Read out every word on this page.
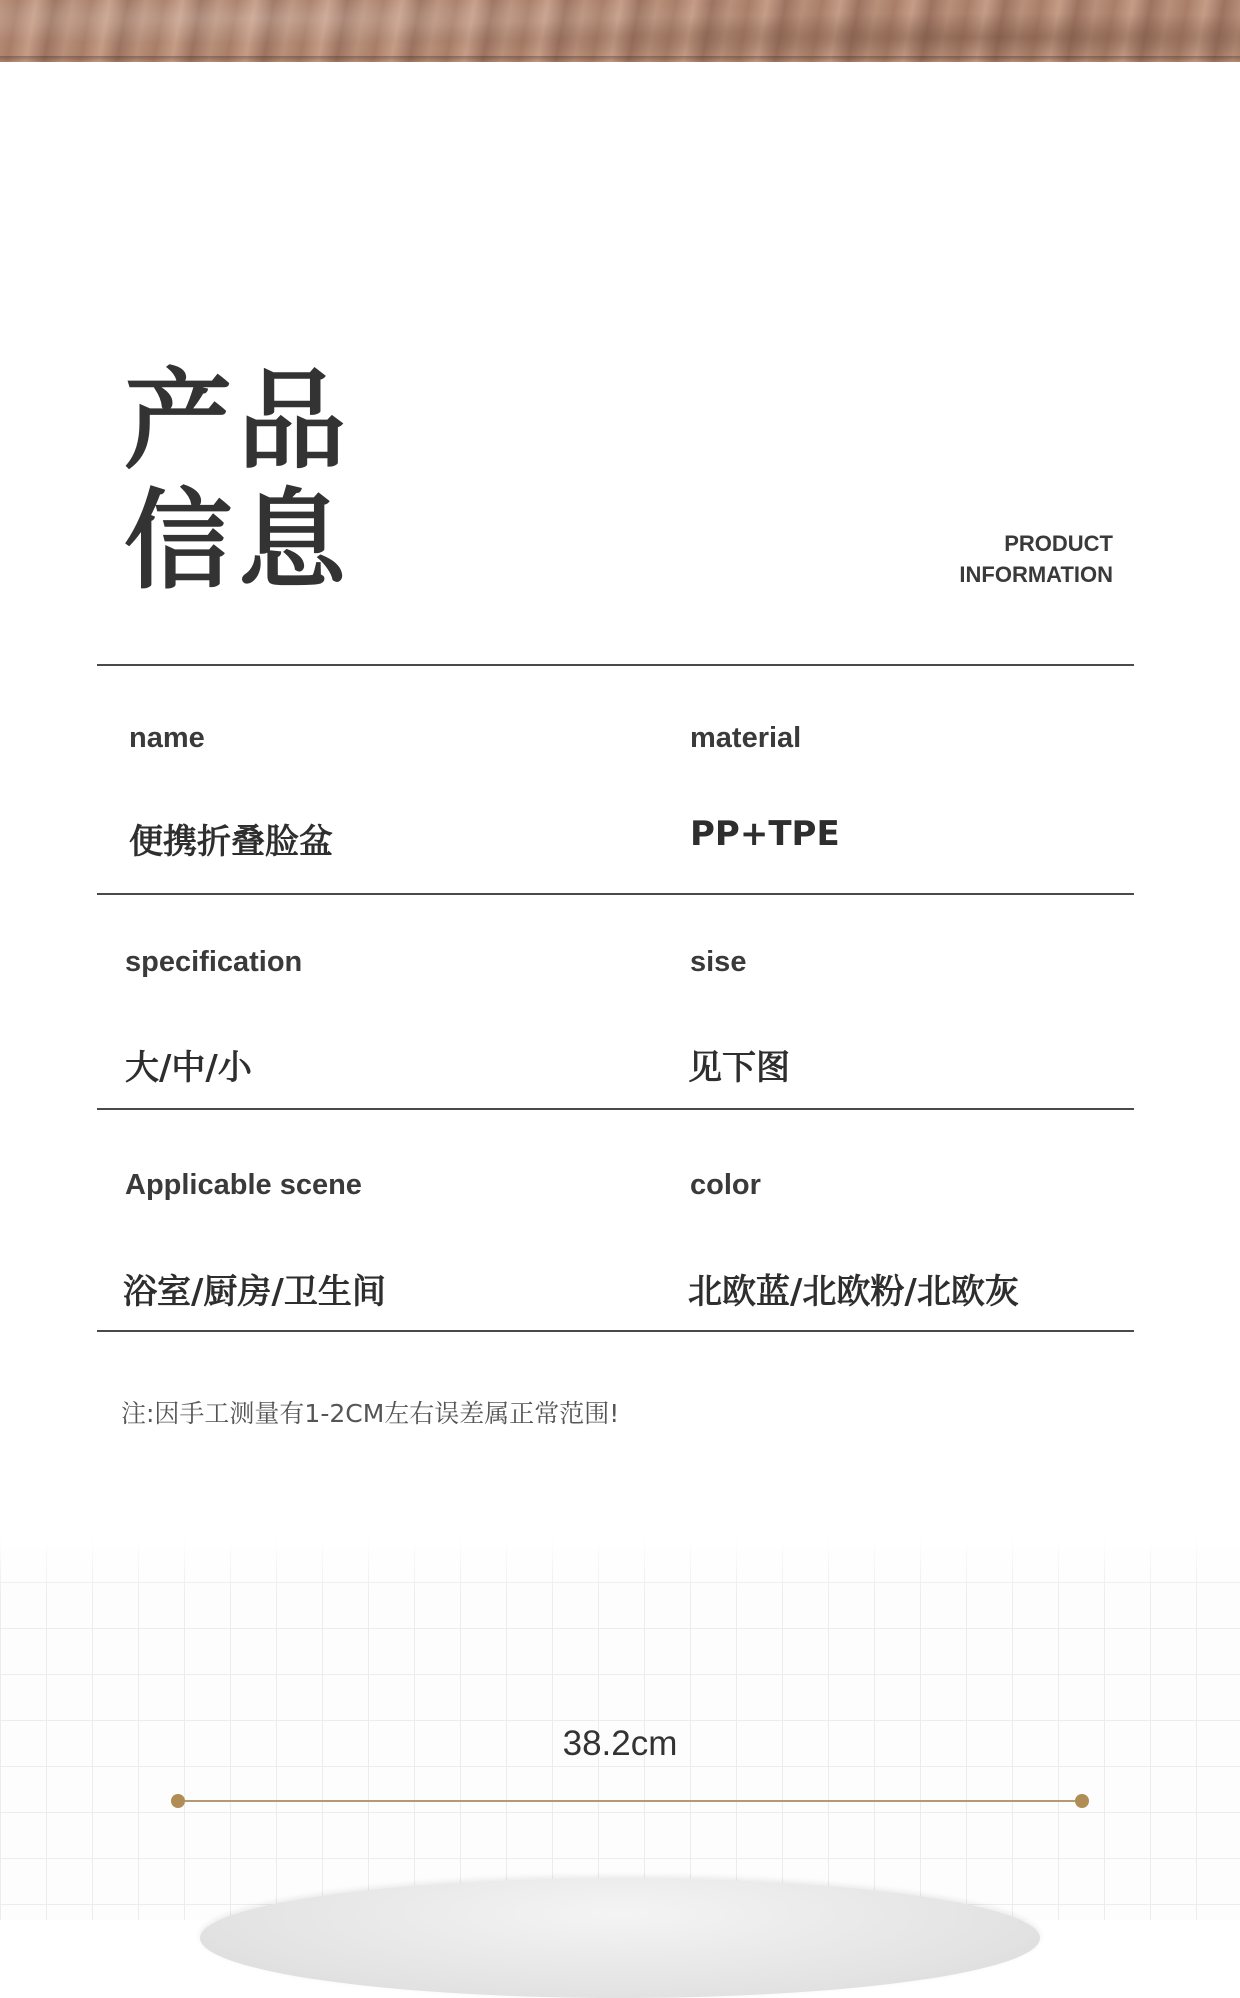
产品
信息	PRODUCT
INFORMATION
name
便携折叠脸盆
material
PP+TPE
specification
大/中/小
sise
见下图
Applicable scene
浴室/厨房/卫生间
color
北欧蓝/北欧粉/北欧灰
注:因手工测量有1-2CM左右误差属正常范围!
38.2cm
